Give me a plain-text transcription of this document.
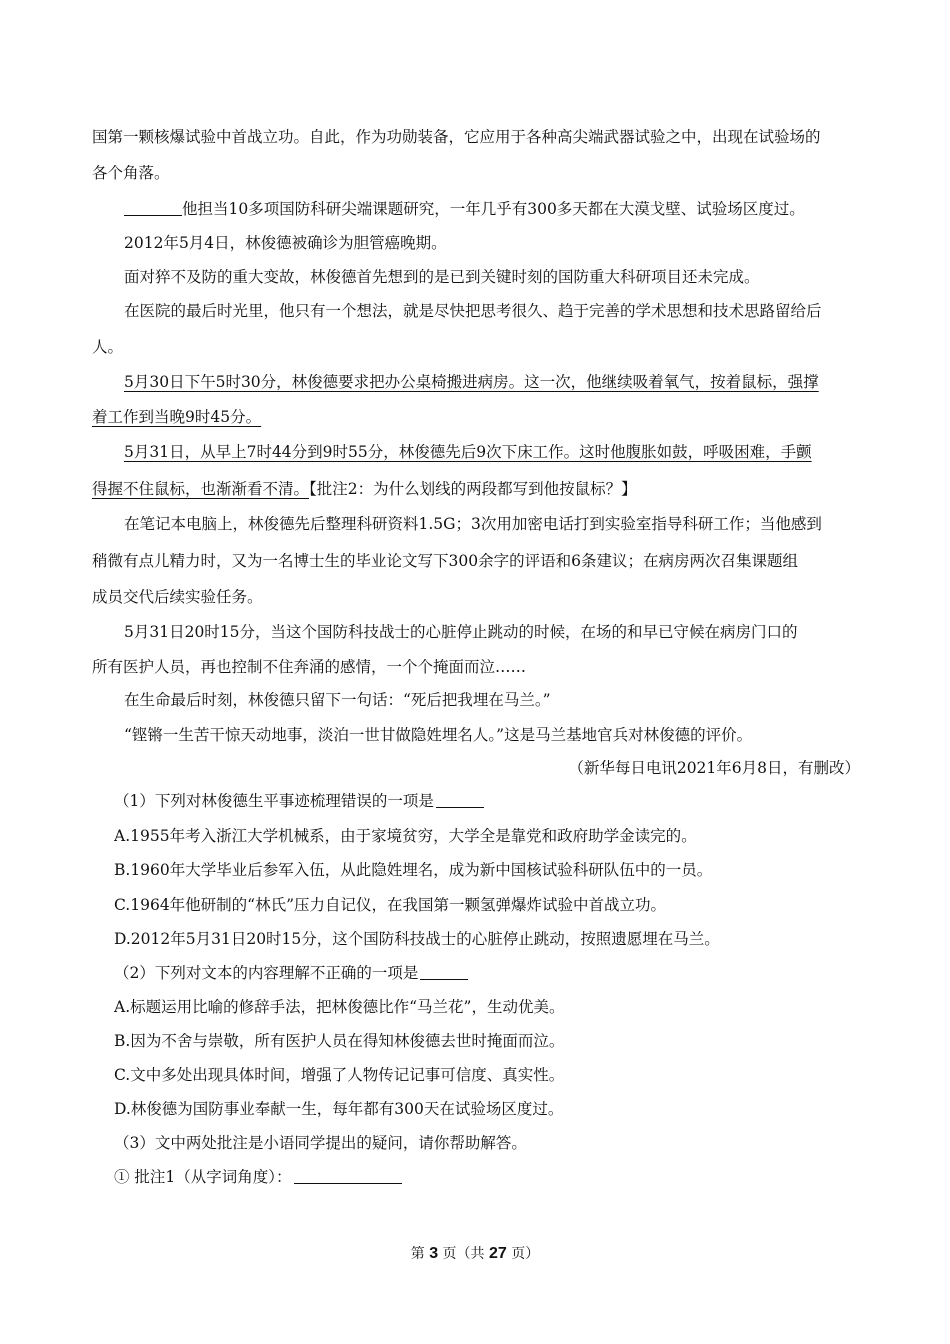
国第一颗核爆试验中首战立功。自此，作为功勋装备，它应用于各种高尖端武器试验之中，出现在试验场的
各个角落。
他担当10多项国防科研尖端课题研究，一年几乎有300多天都在大漠戈壁、试验场区度过。
2012年5月4日，林俊德被确诊为胆管癌晚期。
面对猝不及防的重大变故，林俊德首先想到的是已到关键时刻的国防重大科研项目还未完成。
在医院的最后时光里，他只有一个想法，就是尽快把思考很久、趋于完善的学术思想和技术思路留给后
人。
5月30日下午5时30分，林俊德要求把办公桌椅搬进病房。这一次，他继续吸着氧气，按着鼠标，强撑
着工作到当晚9时45分。
5月31日，从早上7时44分到9时55分，林俊德先后9次下床工作。这时他腹胀如鼓，呼吸困难，手颤
得握不住鼠标，也渐渐看不清。【批注2：为什么划线的两段都写到他按鼠标？】
在笔记本电脑上，林俊德先后整理科研资料1.5G；3次用加密电话打到实验室指导科研工作；当他感到
稍微有点儿精力时，又为一名博士生的毕业论文写下300余字的评语和6条建议；在病房两次召集课题组
成员交代后续实验任务。
5月31日20时15分，当这个国防科技战士的心脏停止跳动的时候，在场的和早已守候在病房门口的
所有医护人员，再也控制不住奔涌的感情，一个个掩面而泣……
在生命最后时刻，林俊德只留下一句话：“死后把我埋在马兰。”
“铿锵一生苦干惊天动地事，淡泊一世甘做隐姓埋名人。”这是马兰基地官兵对林俊德的评价。
（新华每日电讯2021年6月8日，有删改）
（1）下列对林俊德生平事迹梳理错误的一项是
A.1955年考入浙江大学机械系，由于家境贫穷，大学全是靠党和政府助学金读完的。
B.1960年大学毕业后参军入伍，从此隐姓埋名，成为新中国核试验科研队伍中的一员。
C.1964年他研制的“林氏”压力自记仪，在我国第一颗氢弹爆炸试验中首战立功。
D.2012年5月31日20时15分，这个国防科技战士的心脏停止跳动，按照遗愿埋在马兰。
（2）下列对文本的内容理解不正确的一项是
A.标题运用比喻的修辞手法，把林俊德比作“马兰花”，生动优美。
B.因为不舍与崇敬，所有医护人员在得知林俊德去世时掩面而泣。
C.文中多处出现具体时间，增强了人物传记记事可信度、真实性。
D.林俊德为国防事业奉献一生，每年都有300天在试验场区度过。
（3）文中两处批注是小语同学提出的疑问，请你帮助解答。
① 批注1（从字词角度）：
第 3 页（共 27 页）
